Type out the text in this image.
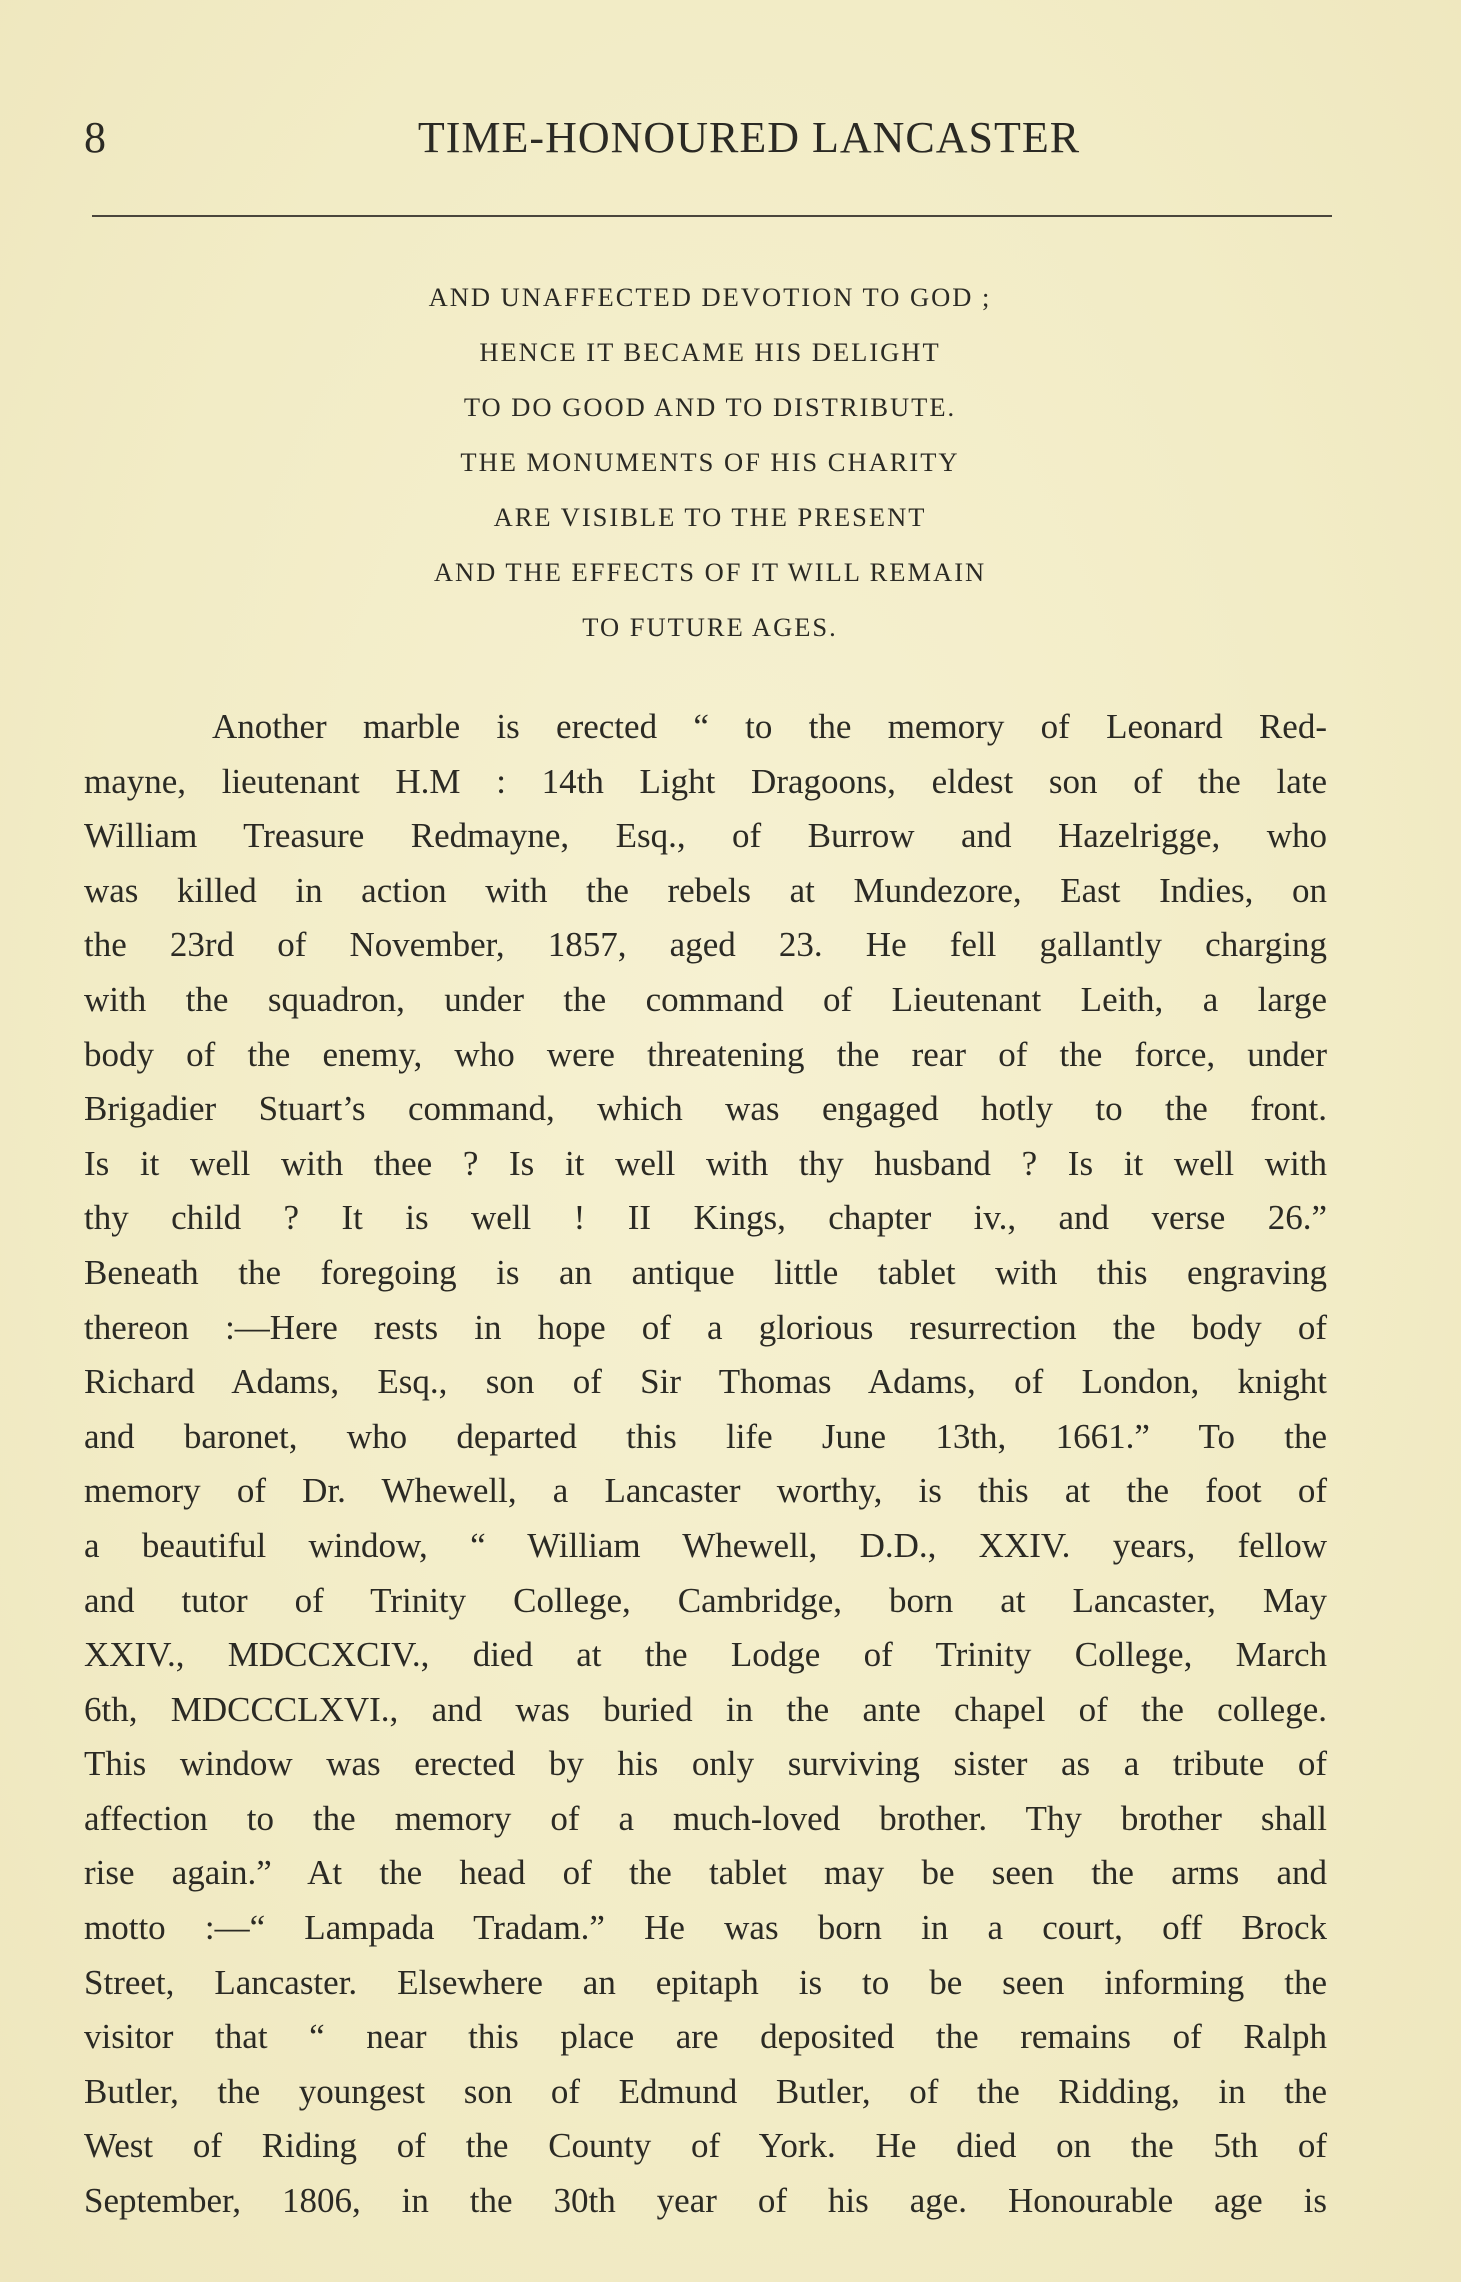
8	TIME-HONOURED LANCASTER
AND UNAFFECTED DEVOTION TO GOD ;
HENCE IT BECAME HIS DELIGHT
TO DO GOOD AND TO DISTRIBUTE.
THE MONUMENTS OF HIS CHARITY
ARE VISIBLE TO THE PRESENT
AND THE EFFECTS OF IT WILL REMAIN
TO FUTURE AGES.
Another marble is erected “ to the memory of Leonard Red-
mayne, lieutenant H.M : 14th Light Dragoons, eldest son of the late
William Treasure Redmayne, Esq., of Burrow and Hazelrigge, who
was killed in action with the rebels at Mundezore, East Indies, on
the 23rd of November, 1857, aged 23. He fell gallantly charging
with the squadron, under the command of Lieutenant Leith, a large
body of the enemy, who were threatening the rear of the force, under
Brigadier Stuart’s command, which was engaged hotly to the front.
Is it well with thee ? Is it well with thy husband ? Is it well with
thy child ? It is well ! II Kings, chapter iv., and verse 26.”
Beneath the foregoing is an antique little tablet with this engraving
thereon :—Here rests in hope of a glorious resurrection the body of
Richard Adams, Esq., son of Sir Thomas Adams, of London, knight
and baronet, who departed this life June 13th, 1661.” To the
memory of Dr. Whewell, a Lancaster worthy, is this at the foot of
a beautiful window, “ William Whewell, D.D., XXIV. years, fellow
and tutor of Trinity College, Cambridge, born at Lancaster, May
XXIV., MDCCXCIV., died at the Lodge of Trinity College, March
6th, MDCCCLXVI., and was buried in the ante chapel of the college.
This window was erected by his only surviving sister as a tribute of
affection to the memory of a much-loved brother. Thy brother shall
rise again.” At the head of the tablet may be seen the arms and
motto :—“ Lampada Tradam.” He was born in a court, off Brock
Street, Lancaster. Elsewhere an epitaph is to be seen informing the
visitor that “ near this place are deposited the remains of Ralph
Butler, the youngest son of Edmund Butler, of the Ridding, in the
West of Riding of the County of York. He died on the 5th of
September, 1806, in the 30th year of his age. Honourable age is
